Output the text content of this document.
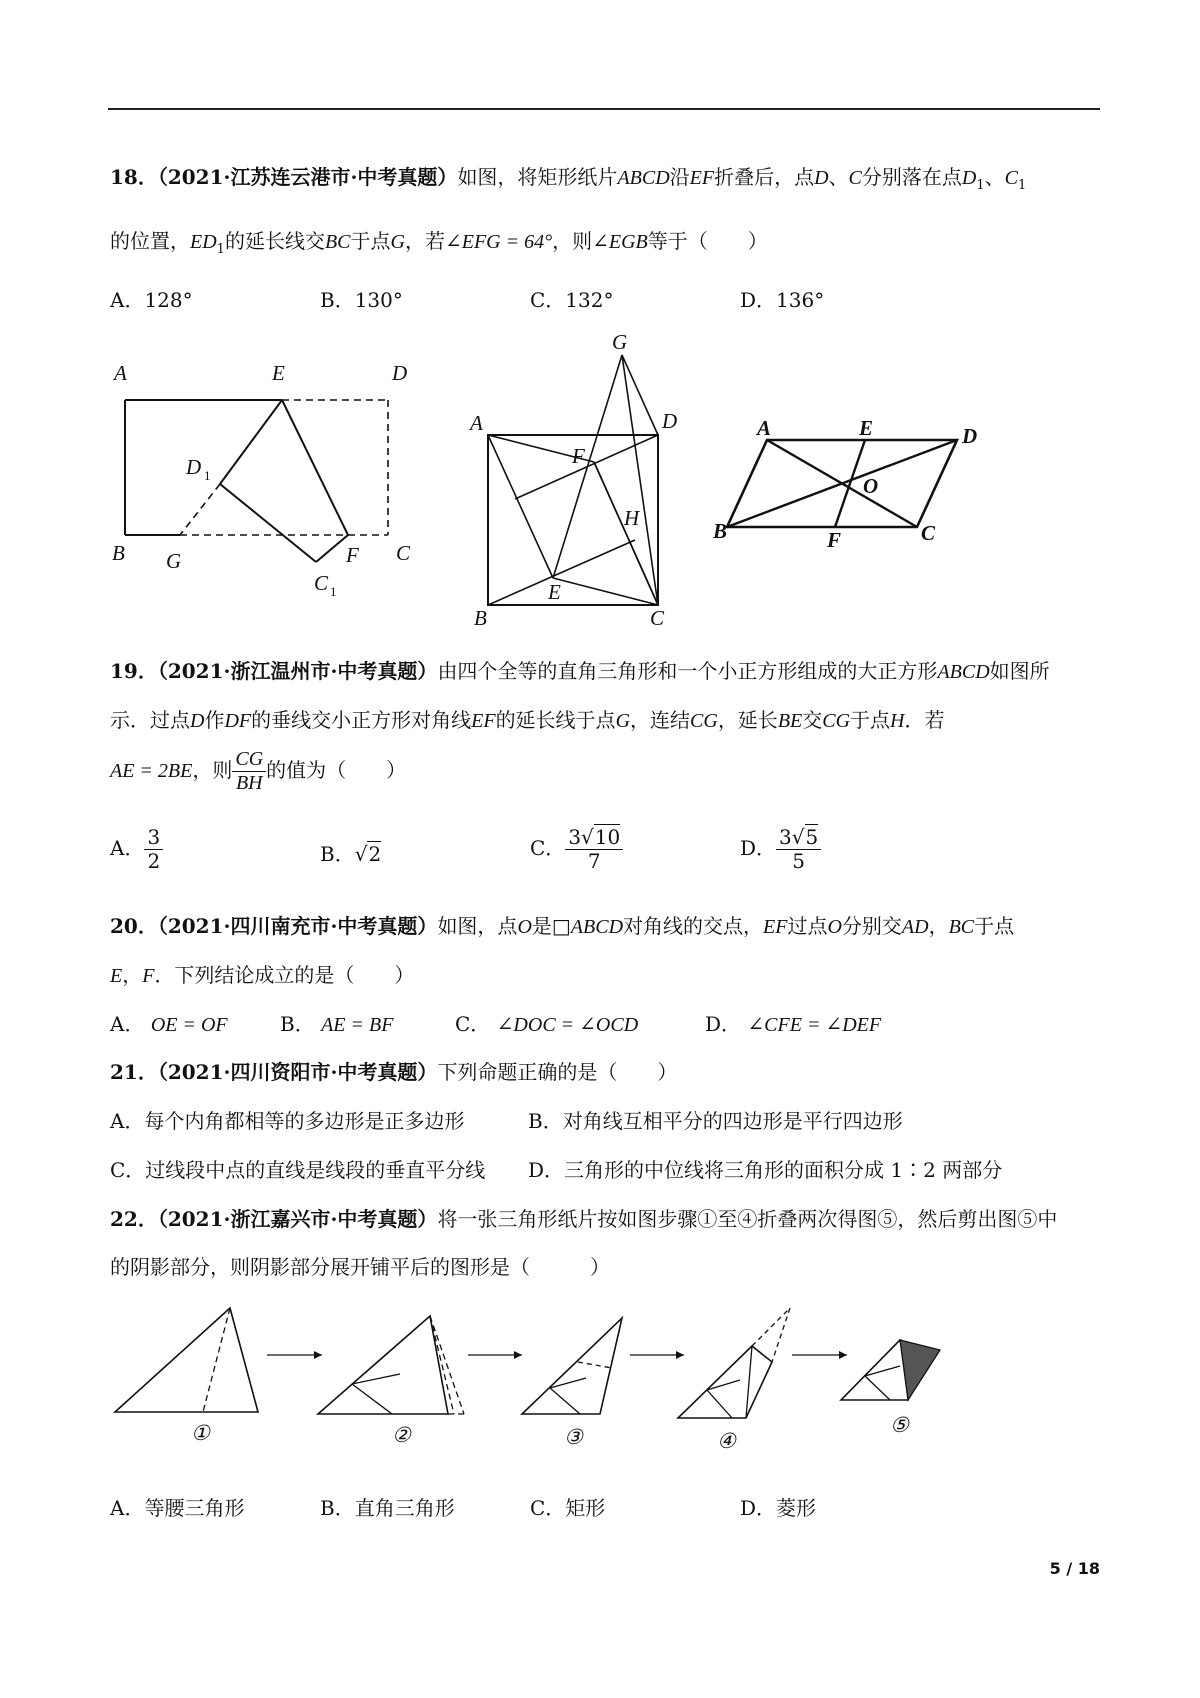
18．（2021·江苏连云港市·中考真题）如图，将矩形纸片ABCD沿EF折叠后，点D、C分别落在点$D_1$、$C_1$
的位置，$ED_1$的延长线交BC于点G，若∠EFG = 64°，则∠EGB等于（　　）
A．128°	B．130°	C．132°	D．136°
A	E	D
D 1
B G	F C
C 1
G
A	D
F
H
E
B	C
A	E	D
O
B	F	C
19．（2021·浙江温州市·中考真题）由四个全等的直角三角形和一个小正方形组成的大正方形ABCD如图所
示．过点D作DF的垂线交小正方形对角线EF的延长线于点G，连结CG，延长BE交CG于点H．若
AE = 2BE，则 $\frac{CG}{BH}$ 的值为（　　）
A． $\frac{3}{2}$	B．√2	C． $\frac{3√10}{7}$	D． $\frac{3√5}{5}$
20．（2021·四川南充市·中考真题）如图，点O是□ABCD对角线的交点，EF过点O分别交AD，BC于点
E，F．下列结论成立的是（　　）
A． OE = OF	B． AE = BF	C． ∠DOC = ∠OCD	D． ∠CFE = ∠DEF
21．（2021·四川资阳市·中考真题）下列命题正确的是（　　）
A．每个内角都相等的多边形是正多边形	B．对角线互相平分的四边形是平行四边形
C．过线段中点的直线是线段的垂直平分线 D．三角形的中位线将三角形的面积分成 1∶2 两部分
22．（2021·浙江嘉兴市·中考真题）将一张三角形纸片按如图步骤①至④折叠两次得图⑤，然后剪出图⑤中
的阴影部分，则阴影部分展开铺平后的图形是（　　　）
①	②	③	④
⑤
A．等腰三角形	B．直角三角形	C．矩形	D．菱形
5 / 18
